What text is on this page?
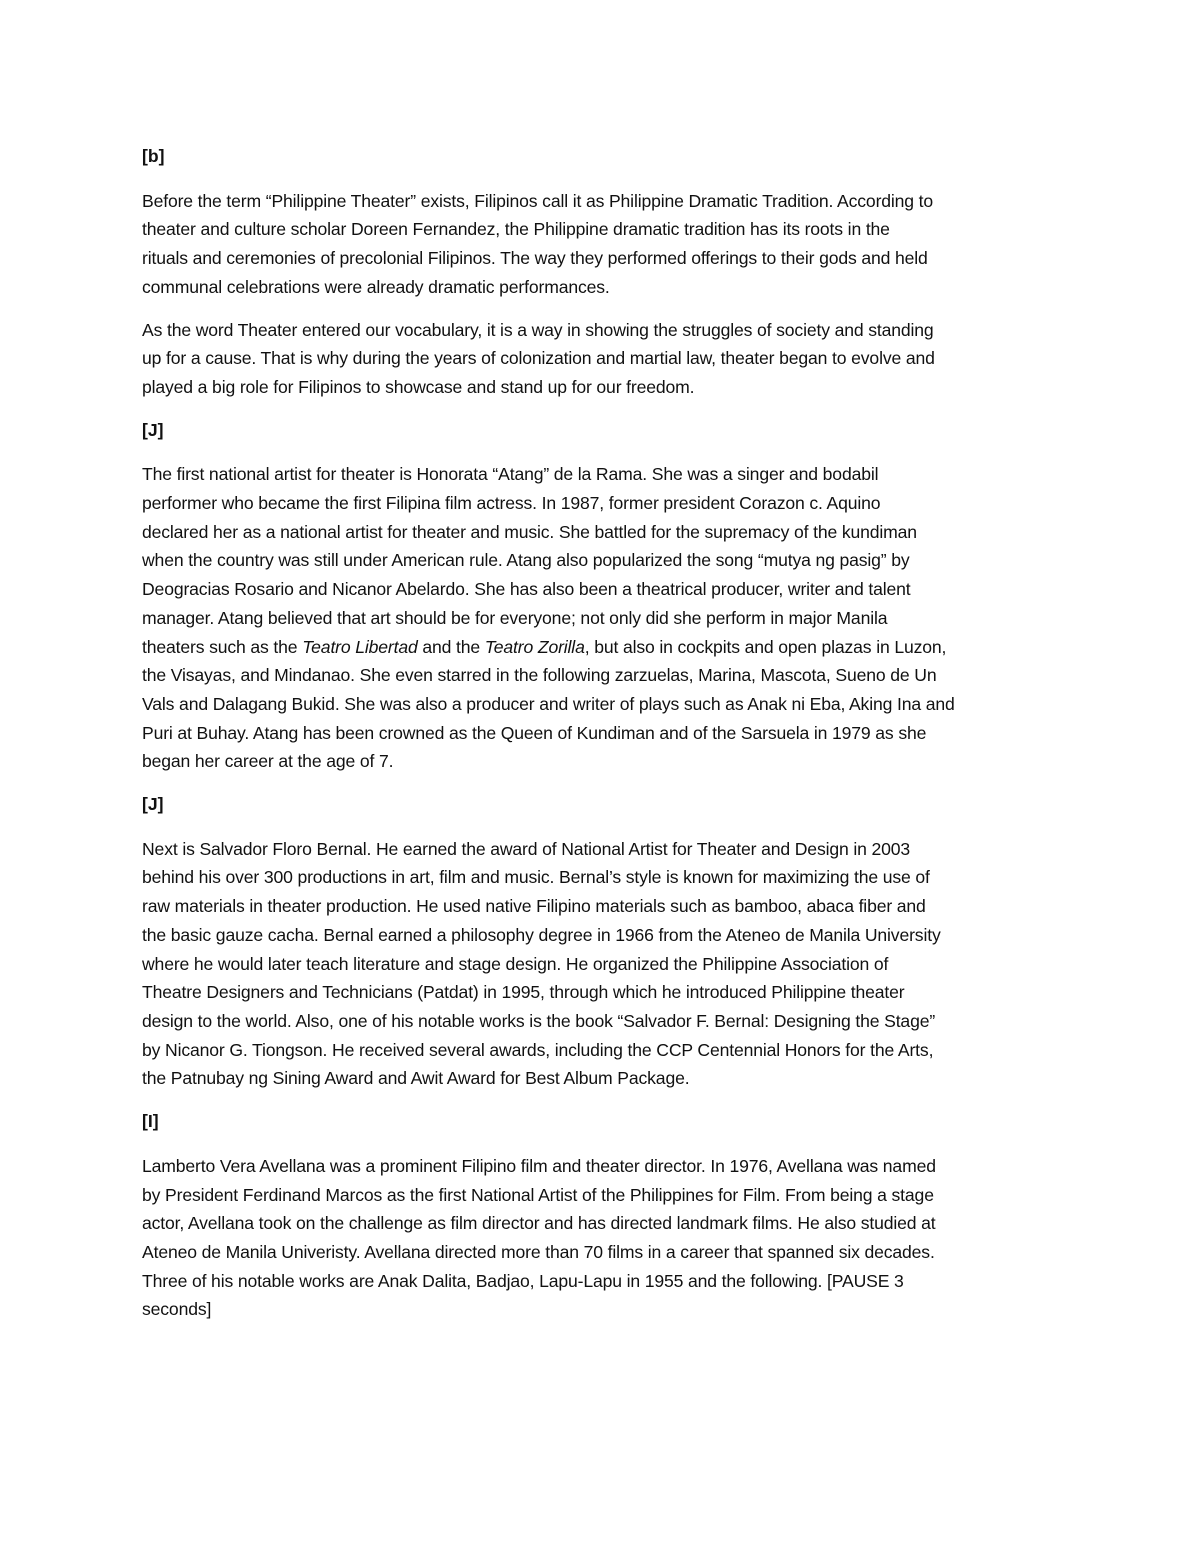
[b]

Before the term “Philippine Theater” exists, Filipinos call it as Philippine Dramatic Tradition. According to
theater and culture scholar Doreen Fernandez, the Philippine dramatic tradition has its roots in the
rituals and ceremonies of precolonial Filipinos. The way they performed offerings to their gods and held
communal celebrations were already dramatic performances.

As the word Theater entered our vocabulary, it is a way in showing the struggles of society and standing
up for a cause. That is why during the years of colonization and martial law, theater began to evolve and
played a big role for Filipinos to showcase and stand up for our freedom.

[J]

The first national artist for theater is Honorata “Atang” de la Rama. She was a singer and bodabil
performer who became the first Filipina film actress. In 1987, former president Corazon c. Aquino
declared her as a national artist for theater and music. She battled for the supremacy of the kundiman
when the country was still under American rule. Atang also popularized the song “mutya ng pasig” by
Deogracias Rosario and Nicanor Abelardo. She has also been a theatrical producer, writer and talent
manager. Atang believed that art should be for everyone; not only did she perform in major Manila
theaters such as the Teatro Libertad and the Teatro Zorilla, but also in cockpits and open plazas in Luzon,
the Visayas, and Mindanao. She even starred in the following zarzuelas, Marina, Mascota, Sueno de Un
Vals and Dalagang Bukid. She was also a producer and writer of plays such as Anak ni Eba, Aking Ina and
Puri at Buhay. Atang has been crowned as the Queen of Kundiman and of the Sarsuela in 1979 as she
began her career at the age of 7.

[J]

Next is Salvador Floro Bernal. He earned the award of National Artist for Theater and Design in 2003
behind his over 300 productions in art, film and music. Bernal’s style is known for maximizing the use of
raw materials in theater production. He used native Filipino materials such as bamboo, abaca fiber and
the basic gauze cacha. Bernal earned a philosophy degree in 1966 from the Ateneo de Manila University
where he would later teach literature and stage design. He organized the Philippine Association of
Theatre Designers and Technicians (Patdat) in 1995, through which he introduced Philippine theater
design to the world. Also, one of his notable works is the book “Salvador F. Bernal: Designing the Stage”
by Nicanor G. Tiongson. He received several awards, including the CCP Centennial Honors for the Arts,
the Patnubay ng Sining Award and Awit Award for Best Album Package.

[I]

Lamberto Vera Avellana was a prominent Filipino film and theater director. In 1976, Avellana was named
by President Ferdinand Marcos as the first National Artist of the Philippines for Film. From being a stage
actor, Avellana took on the challenge as film director and has directed landmark films. He also studied at
Ateneo de Manila Univeristy. Avellana directed more than 70 films in a career that spanned six decades.
Three of his notable works are Anak Dalita, Badjao, Lapu-Lapu in 1955 and the following. [PAUSE 3
seconds]
